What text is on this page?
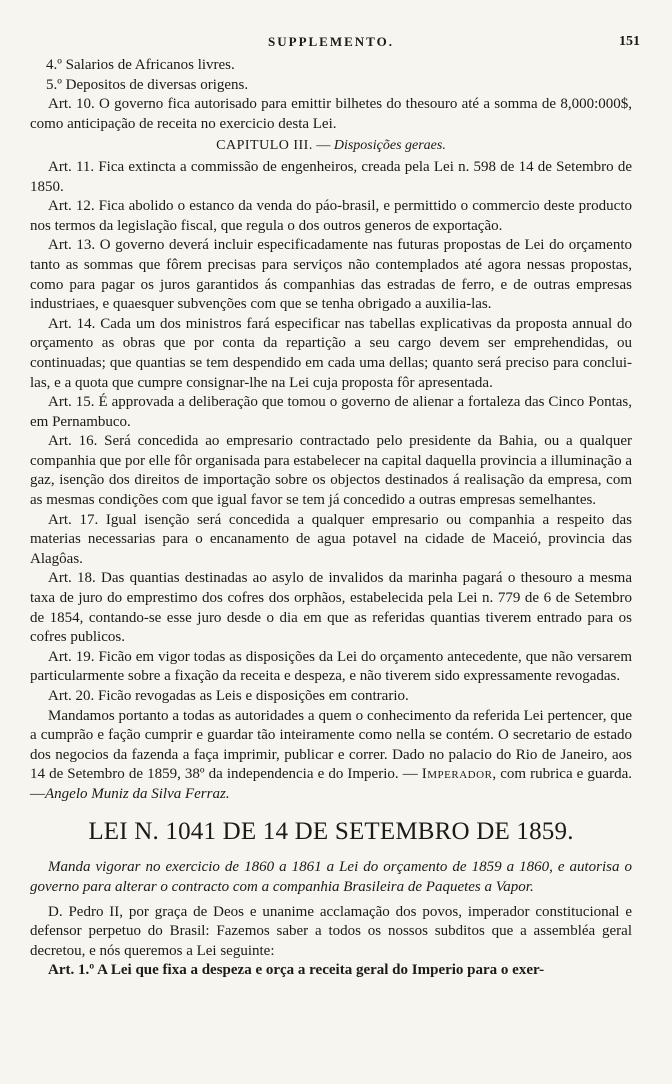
SUPPLEMENTO.	151

4.º Salarios de Africanos livres.

5.º Depositos de diversas origens.

Art. 10. O governo fica autorisado para emittir bilhetes do thesouro até a somma de 8,000:000$, como anticipação de receita no exercicio desta Lei.

CAPITULO III. — Disposições geraes.

Art. 11. Fica extincta a commissão de engenheiros, creada pela Lei n. 598 de 14 de Setembro de 1850.

Art. 12. Fica abolido o estanco da venda do páo-brasil, e permittido o commercio deste producto nos termos da legislação fiscal, que regula o dos outros generos de exportação.

Art. 13. O governo deverá incluir especificadamente nas futuras propostas de Lei do orçamento tanto as sommas que fôrem precisas para serviços não contemplados até agora nessas propostas, como para pagar os juros garantidos ás companhias das estradas de ferro, e de outras empresas industriaes, e quaesquer subvenções com que se tenha obrigado a auxilia-las.

Art. 14. Cada um dos ministros fará especificar nas tabellas explicativas da proposta annual do orçamento as obras que por conta da repartição a seu cargo devem ser emprehendidas, ou continuadas; que quantias se tem despendido em cada uma dellas; quanto será preciso para conclui-las, e a quota que cumpre consignar-lhe na Lei cuja proposta fôr apresentada.

Art. 15. É approvada a deliberação que tomou o governo de alienar a fortaleza das Cinco Pontas, em Pernambuco.

Art. 16. Será concedida ao empresario contractado pelo presidente da Bahia, ou a qualquer companhia que por elle fôr organisada para estabelecer na capital daquella provincia a illuminação a gaz, isenção dos direitos de importação sobre os objectos destinados á realisação da empresa, com as mesmas condições com que igual favor se tem já concedido a outras empresas semelhantes.

Art. 17. Igual isenção será concedida a qualquer empresario ou companhia a respeito das materias necessarias para o encanamento de agua potavel na cidade de Maceió, provincia das Alagôas.

Art. 18. Das quantias destinadas ao asylo de invalidos da marinha pagará o thesouro a mesma taxa de juro do emprestimo dos cofres dos orphãos, estabelecida pela Lei n. 779 de 6 de Setembro de 1854, contando-se esse juro desde o dia em que as referidas quantias tiverem entrado para os cofres publicos.

Art. 19. Ficão em vigor todas as disposições da Lei do orçamento antecedente, que não versarem particularmente sobre a fixação da receita e despeza, e não tiverem sido expressamente revogadas.

Art. 20. Ficão revogadas as Leis e disposições em contrario.

Mandamos portanto a todas as autoridades a quem o conhecimento da referida Lei pertencer, que a cumprão e fação cumprir e guardar tão inteiramente como nella se contém. O secretario de estado dos negocios da fazenda a faça imprimir, publicar e correr. Dado no palacio do Rio de Janeiro, aos 14 de Setembro de 1859, 38º da independencia e do Imperio. — Imperador, com rubrica e guarda. —Angelo Muniz da Silva Ferraz.

LEI N. 1041 DE 14 DE SETEMBRO DE 1859.

Manda vigorar no exercicio de 1860 a 1861 a Lei do orçamento de 1859 a 1860, e autorisa o governo para alterar o contracto com a companhia Brasileira de Paquetes a Vapor.

D. Pedro II, por graça de Deos e unanime acclamação dos povos, imperador constitucional e defensor perpetuo do Brasil: Fazemos saber a todos os nossos subditos que a assembléa geral decretou, e nós queremos a Lei seguinte:

Art. 1.º A Lei que fixa a despeza e orça a receita geral do Imperio para o exer-
